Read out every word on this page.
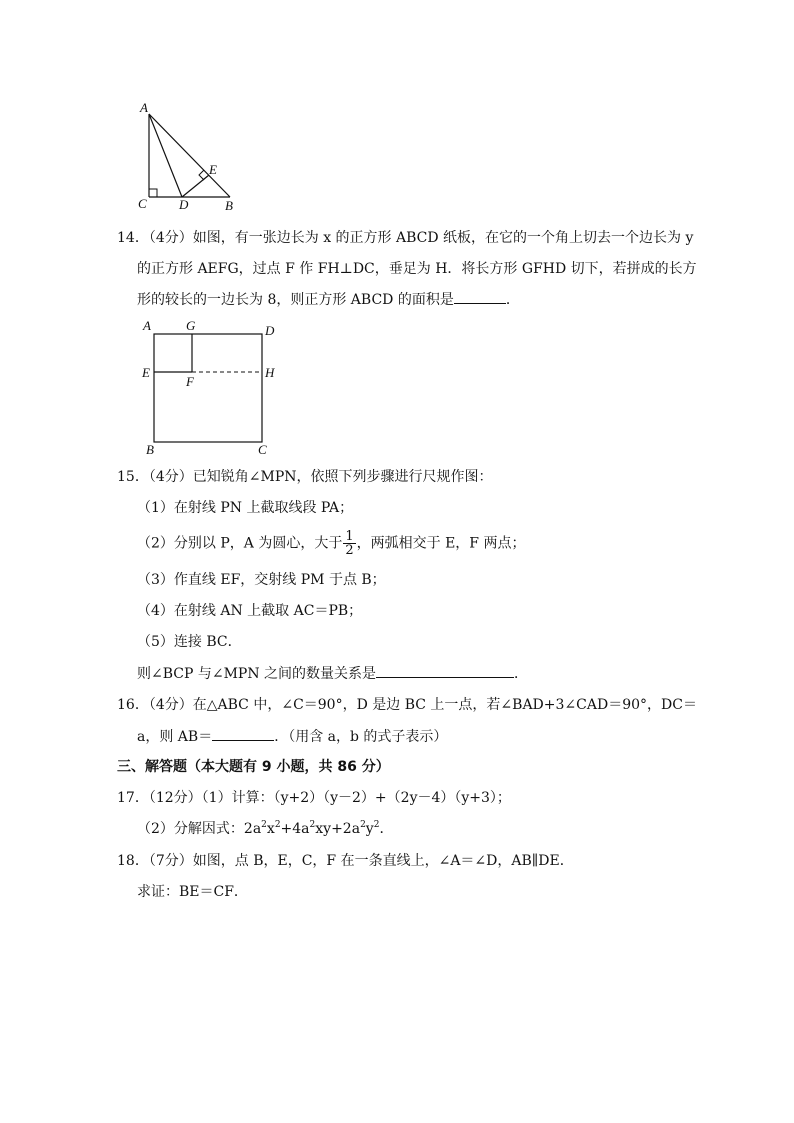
A
C D	B
E
14．（4分）如图，有一张边长为 x 的正方形 ABCD 纸板，在它的一个角上切去一个边长为 y
的正方形 AEFG，过点 F 作 FH⊥DC，垂足为 H．将长方形 GFHD 切下，若拼成的长方
形的较长的一边长为 8，则正方形 ABCD 的面积是	．
A	G	D
E
F
H
B	C
15．（4分）已知锐角∠MPN，依照下列步骤进行尺规作图：
（1）在射线 PN 上截取线段 PA；
（2）分别以 P，A 为圆心，大于 $\frac{1}{2}$ ，两弧相交于 E，F 两点；
（3）作直线 EF，交射线 PM 于点 B；
（4）在射线 AN 上截取 AC＝PB；
（5）连接 BC．
则∠BCP 与∠MPN 之间的数量关系是	．
16．（4分）在△ABC 中，∠C＝90°，D 是边 BC 上一点，若∠BAD+3∠CAD＝90°，DC＝
a，则 AB＝	．（用含 a，b 的式子表示）
三、解答题（本大题有 9 小题，共 86 分）
17．（12分）（1）计算：（y+2）（y－2）+（2y－4）（y+3）；
（2）分解因式：$2a^2x^2+4a^2xy+2a^2y^2$．
18．（7分）如图，点 B，E，C，F 在一条直线上，∠A＝∠D，AB∥DE．
求证：BE＝CF．
